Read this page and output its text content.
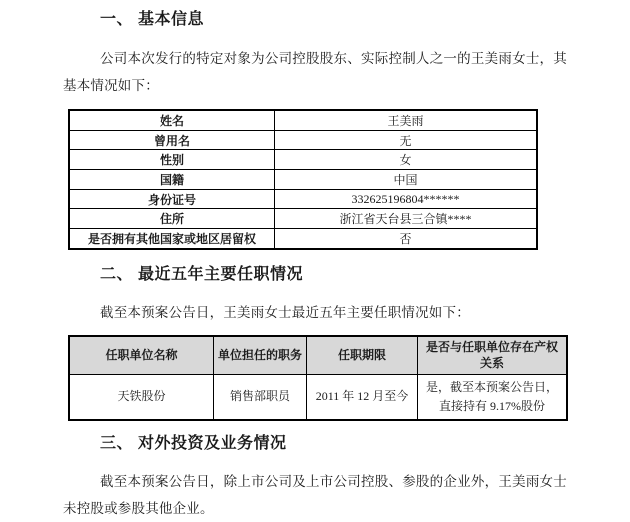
一、 基本信息

公司本次发行的特定对象为公司控股股东、实际控制人之一的王美雨女士，其基本情况如下：

姓名	王美雨
曾用名	无
性别	女
国籍	中国
身份证号	332625196804******
住所	浙江省天台县三合镇****
是否拥有其他国家或地区居留权	否
二、 最近五年主要任职情况

截至本预案公告日，王美雨女士最近五年主要任职情况如下：

任职单位名称	单位担任的职务	任职期限	是否与任职单位存在产权关系
天铁股份	销售部职员	2011 年 12 月至今	是，截至本预案公告日，直接持有 9.17%股份
三、 对外投资及业务情况

截至本预案公告日，除上市公司及上市公司控股、参股的企业外，王美雨女士未控股或参股其他企业。
